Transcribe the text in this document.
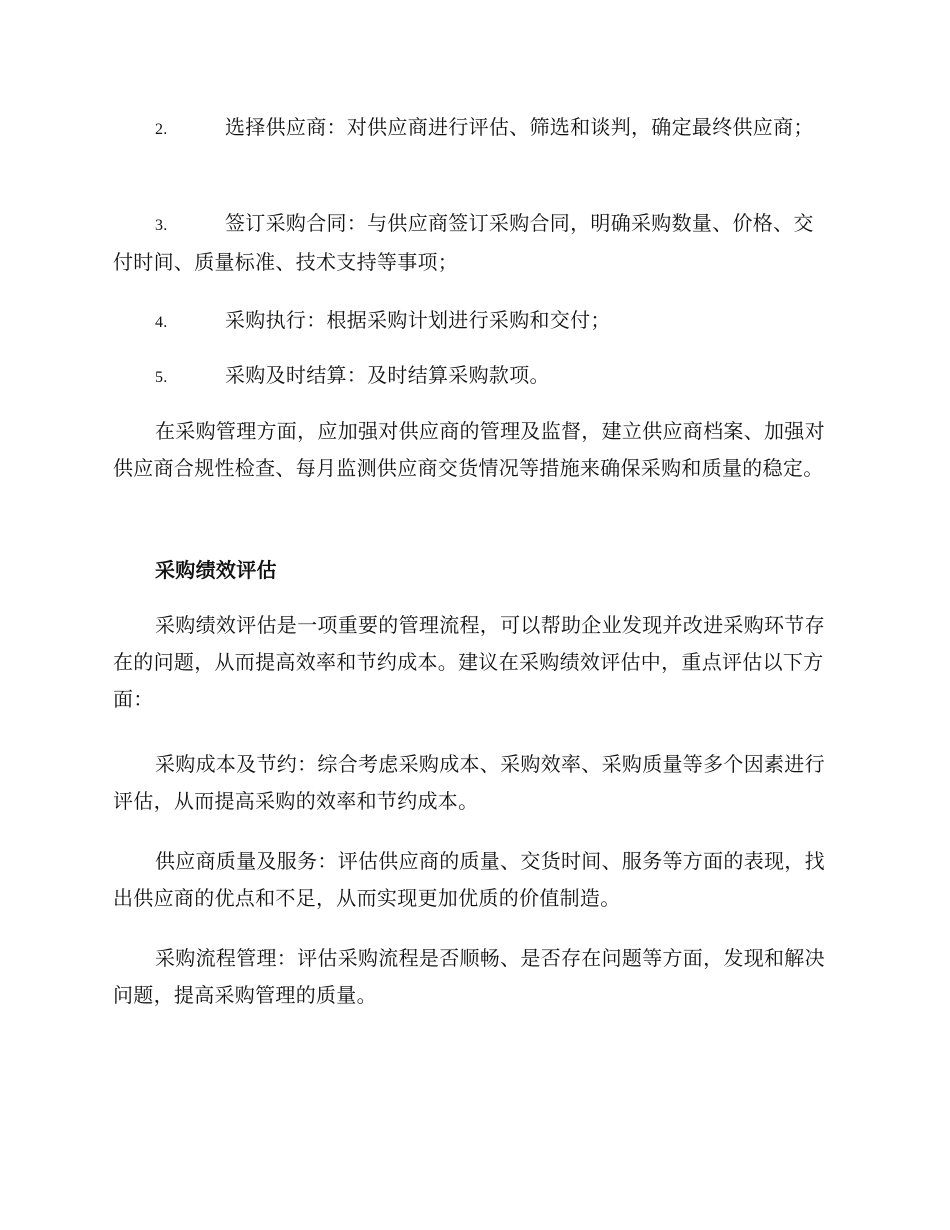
2.	选择供应商：对供应商进行评估、筛选和谈判，确定最终供应商；
3.	签订采购合同：与供应商签订采购合同，明确采购数量、价格、交付时间、质量标准、技术支持等事项；
4.	采购执行：根据采购计划进行采购和交付；
5.	采购及时结算：及时结算采购款项。

在采购管理方面，应加强对供应商的管理及监督，建立供应商档案、加强对供应商合规性检查、每月监测供应商交货情况等措施来确保采购和质量的稳定。

采购绩效评估

采购绩效评估是一项重要的管理流程，可以帮助企业发现并改进采购环节存在的问题，从而提高效率和节约成本。建议在采购绩效评估中，重点评估以下方面：

采购成本及节约：综合考虑采购成本、采购效率、采购质量等多个因素进行评估，从而提高采购的效率和节约成本。

供应商质量及服务：评估供应商的质量、交货时间、服务等方面的表现，找出供应商的优点和不足，从而实现更加优质的价值制造。

采购流程管理：评估采购流程是否顺畅、是否存在问题等方面，发现和解决问题，提高采购管理的质量。
